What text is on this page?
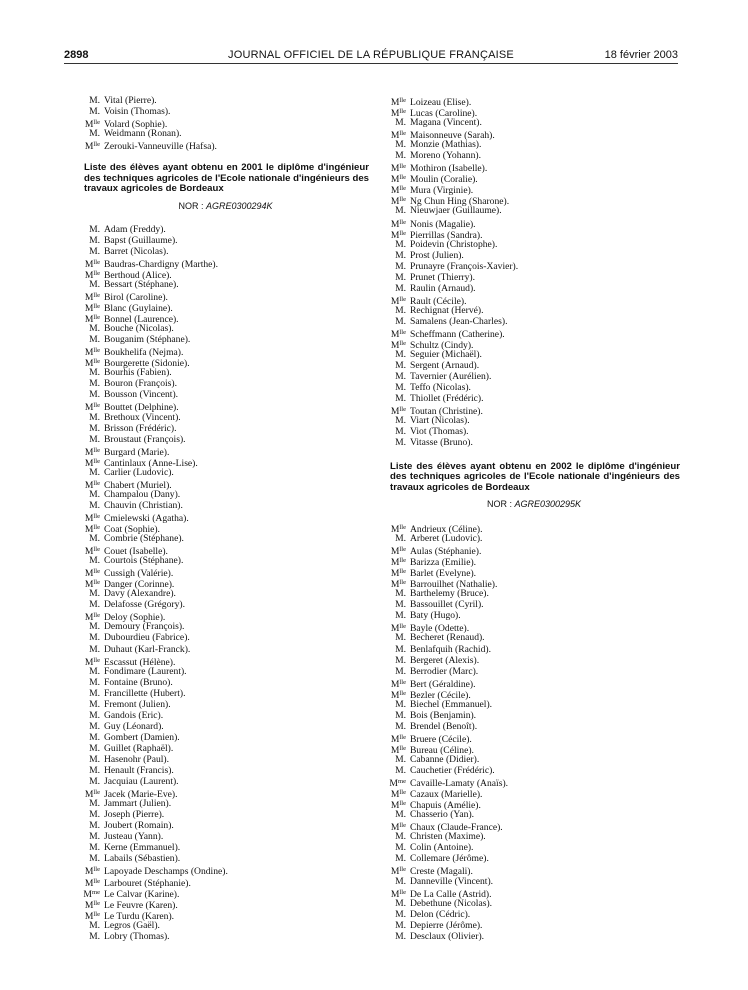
2898	JOURNAL OFFICIEL DE LA RÉPUBLIQUE FRANÇAISE	18 février 2003
M. Vital (Pierre).
M. Voisin (Thomas).
$M^{lle}$ Volard (Sophie).
M. Weidmann (Ronan).
$M^{lle}$ Zerouki-Vanneuville (Hafsa).
Liste des élèves ayant obtenu en 2001 le diplôme d'ingénieur des techniques agricoles de l'Ecole nationale d'ingénieurs des travaux agricoles de Bordeaux
NOR : AGRE0300294K
M. Adam (Freddy).
M. Bapst (Guillaume).
M. Barret (Nicolas).
$M^{lle}$ Baudras-Chardigny (Marthe).
$M^{lle}$ Berthoud (Alice).
M. Bessart (Stéphane).
$M^{lle}$ Birol (Caroline).
$M^{lle}$ Blanc (Guylaine).
$M^{lle}$ Bonnel (Laurence).
M. Bouche (Nicolas).
M. Bouganim (Stéphane).
$M^{lle}$ Boukhelifa (Nejma).
$M^{lle}$ Bourgerette (Sidonie).
M. Bourhis (Fabien).
M. Bouron (François).
M. Bousson (Vincent).
$M^{lle}$ Bouttet (Delphine).
M. Brethoux (Vincent).
M. Brisson (Frédéric).
M. Broustaut (François).
$M^{lle}$ Burgard (Marie).
$M^{lle}$ Cantinlaux (Anne-Lise).
M. Carlier (Ludovic).
$M^{lle}$ Chabert (Muriel).
M. Champalou (Dany).
M. Chauvin (Christian).
$M^{lle}$ Cmielewski (Agatha).
$M^{lle}$ Coat (Sophie).
M. Combrie (Stéphane).
$M^{lle}$ Couet (Isabelle).
M. Courtois (Stéphane).
$M^{lle}$ Cussigh (Valérie).
$M^{lle}$ Danger (Corinne).
M. Davy (Alexandre).
M. Delafosse (Grégory).
$M^{lle}$ Deloy (Sophie).
M. Demoury (François).
M. Dubourdieu (Fabrice).
M. Duhaut (Karl-Franck).
$M^{lle}$ Escassut (Hélène).
M. Fondimare (Laurent).
M. Fontaine (Bruno).
M. Francillette (Hubert).
M. Fremont (Julien).
M. Gandois (Eric).
M. Guy (Léonard).
M. Gombert (Damien).
M. Guillet (Raphaël).
M. Hasenohr (Paul).
M. Henault (Francis).
M. Jacquiau (Laurent).
$M^{lle}$ Jacek (Marie-Eve).
M. Jammart (Julien).
M. Joseph (Pierre).
M. Joubert (Romain).
M. Justeau (Yann).
M. Kerne (Emmanuel).
M. Labails (Sébastien).
$M^{lle}$ Lapoyade Deschamps (Ondine).
$M^{lle}$ Larbouret (Stéphanie).
$M^{me}$ Le Calvar (Karine).
$M^{lle}$ Le Feuvre (Karen).
$M^{lle}$ Le Turdu (Karen).
M. Legros (Gaël).
M. Lobry (Thomas).
$M^{lle}$ Loizeau (Elise).
$M^{lle}$ Lucas (Caroline).
M. Magana (Vincent).
$M^{lle}$ Maisonneuve (Sarah).
M. Monzie (Mathias).
M. Moreno (Yohann).
$M^{lle}$ Mothiron (Isabelle).
$M^{lle}$ Moulin (Coralie).
$M^{lle}$ Mura (Virginie).
$M^{lle}$ Ng Chun Hing (Sharone).
M. Nieuwjaer (Guillaume).
$M^{lle}$ Nonis (Magalie).
$M^{lle}$ Pierrillas (Sandra).
M. Poidevin (Christophe).
M. Prost (Julien).
M. Prunayre (François-Xavier).
M. Prunet (Thierry).
M. Raulin (Arnaud).
$M^{lle}$ Rault (Cécile).
M. Rechignat (Hervé).
M. Samalens (Jean-Charles).
$M^{lle}$ Scheffmann (Catherine).
$M^{lle}$ Schultz (Cindy).
M. Seguier (Michaël).
M. Sergent (Arnaud).
M. Tavernier (Aurélien).
M. Teffo (Nicolas).
M. Thiollet (Frédéric).
$M^{lle}$ Toutan (Christine).
M. Viart (Nicolas).
M. Viot (Thomas).
M. Vitasse (Bruno).
Liste des élèves ayant obtenu en 2002 le diplôme d'ingénieur des techniques agricoles de l'Ecole nationale d'ingénieurs des travaux agricoles de Bordeaux
NOR : AGRE0300295K
$M^{lle}$ Andrieux (Céline).
M. Arberet (Ludovic).
$M^{lle}$ Aulas (Stéphanie).
$M^{lle}$ Barizza (Emilie).
$M^{lle}$ Barlet (Evelyne).
$M^{lle}$ Barrouilhet (Nathalie).
M. Barthelemy (Bruce).
M. Bassouillet (Cyril).
M. Baty (Hugo).
$M^{lle}$ Bayle (Odette).
M. Becheret (Renaud).
M. Benlafquih (Rachid).
M. Bergeret (Alexis).
M. Berrodier (Marc).
$M^{lle}$ Bert (Géraldine).
$M^{lle}$ Bezler (Cécile).
M. Biechel (Emmanuel).
M. Bois (Benjamin).
M. Brendel (Benoît).
$M^{lle}$ Bruere (Cécile).
$M^{lle}$ Bureau (Céline).
M. Cabanne (Didier).
M. Cauchetier (Frédéric).
$M^{me}$ Cavaille-Lamaty (Anaïs).
$M^{lle}$ Cazaux (Marielle).
$M^{lle}$ Chapuis (Amélie).
M. Chasserio (Yan).
$M^{lle}$ Chaux (Claude-France).
M. Christen (Maxime).
M. Colin (Antoine).
M. Collemare (Jérôme).
$M^{lle}$ Creste (Magali).
M. Danneville (Vincent).
$M^{lle}$ De La Calle (Astrid).
M. Debethune (Nicolas).
M. Delon (Cédric).
M. Depierre (Jérôme).
M. Desclaux (Olivier).
